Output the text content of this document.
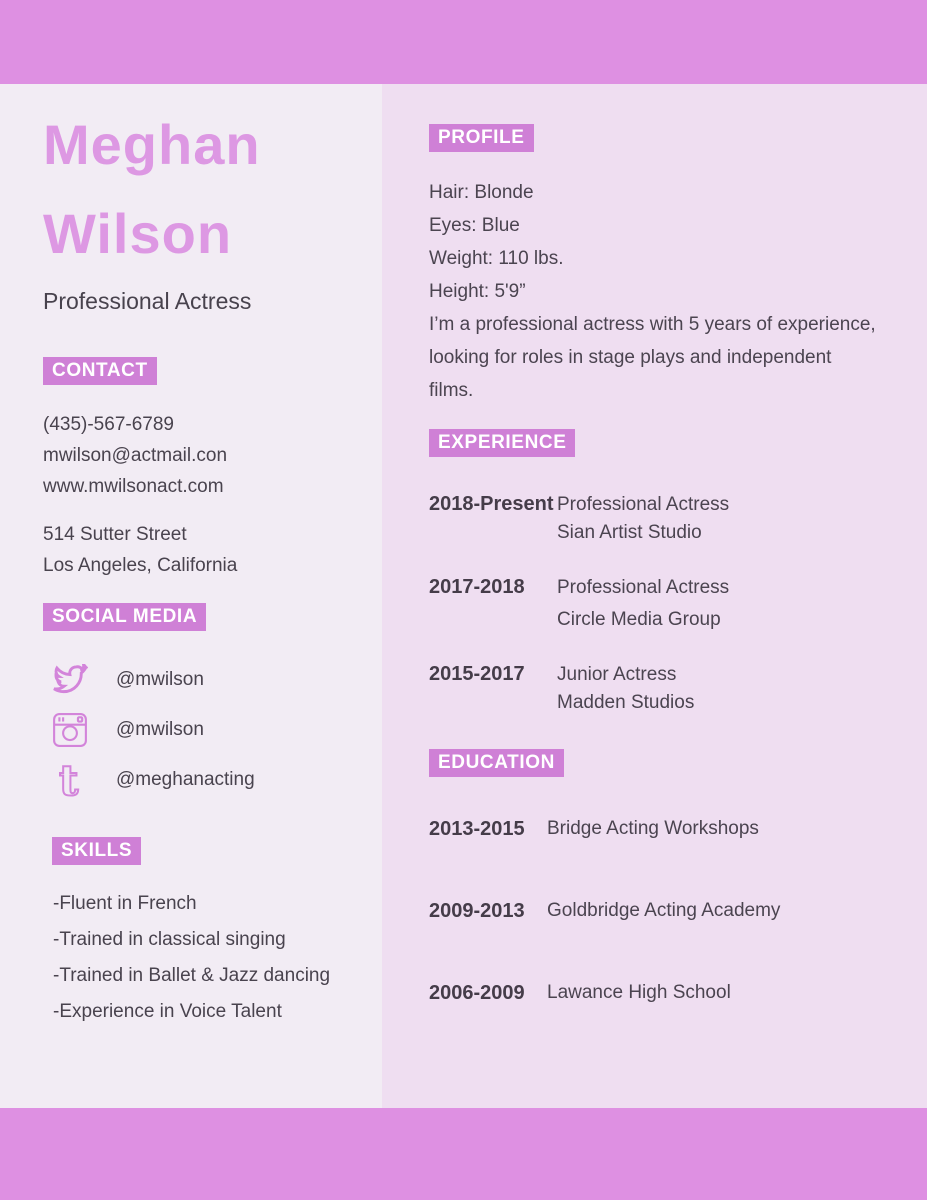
Meghan
Wilson
Professional Actress
CONTACT
(435)-567-6789
mwilson@actmail.con
www.mwilsonact.com
514 Sutter Street
Los Angeles, California
SOCIAL MEDIA
@mwilson
@mwilson
t @meghanacting
SKILLS
-Fluent in French
-Trained in classical singing
-Trained in Ballet & Jazz dancing
-Experience in Voice Talent
PROFILE
Hair: Blonde
Eyes: Blue
Weight: 110 lbs.
Height: 5'9”

I’m a professional actress with 5 years of experience, looking for roles in stage plays and independent films.

EXPERIENCE
2018-Present Professional Actress
Sian Artist Studio
2017-2018	Professional Actress
Circle Media Group
2015-2017	Junior Actress
Madden Studios
EDUCATION
2013-2015	Bridge Acting Workshops
2009-2013	Goldbridge Acting Academy
2006-2009	Lawance High School
